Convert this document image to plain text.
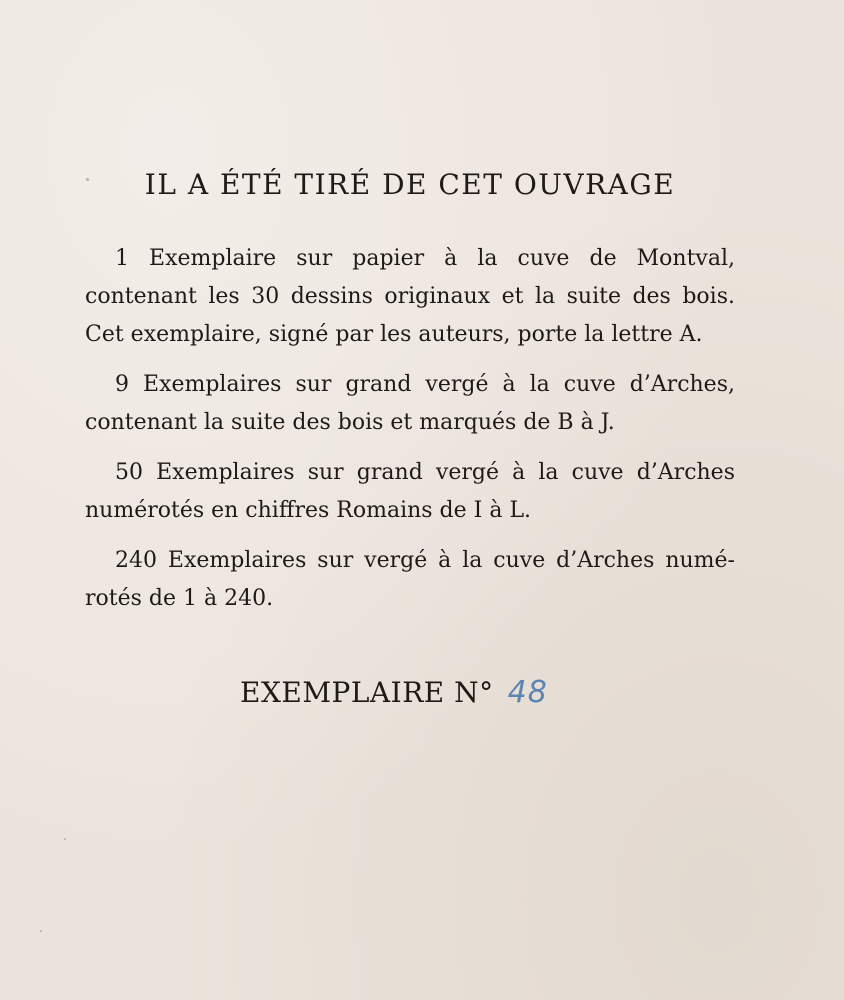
IL A ÉTÉ TIRÉ DE CET OUVRAGE

1 Exemplaire sur papier à la cuve de Montval,
contenant les 30 dessins originaux et la suite des bois.
Cet exemplaire, signé par les auteurs, porte la lettre A.

9 Exemplaires sur grand vergé à la cuve d’Arches,
contenant la suite des bois et marqués de B à J.

50 Exemplaires sur grand vergé à la cuve d’Arches
numérotés en chiffres Romains de I à L.

240 Exemplaires sur vergé à la cuve d’Arches numé-
rotés de 1 à 240.

EXEMPLAIRE N° 48
